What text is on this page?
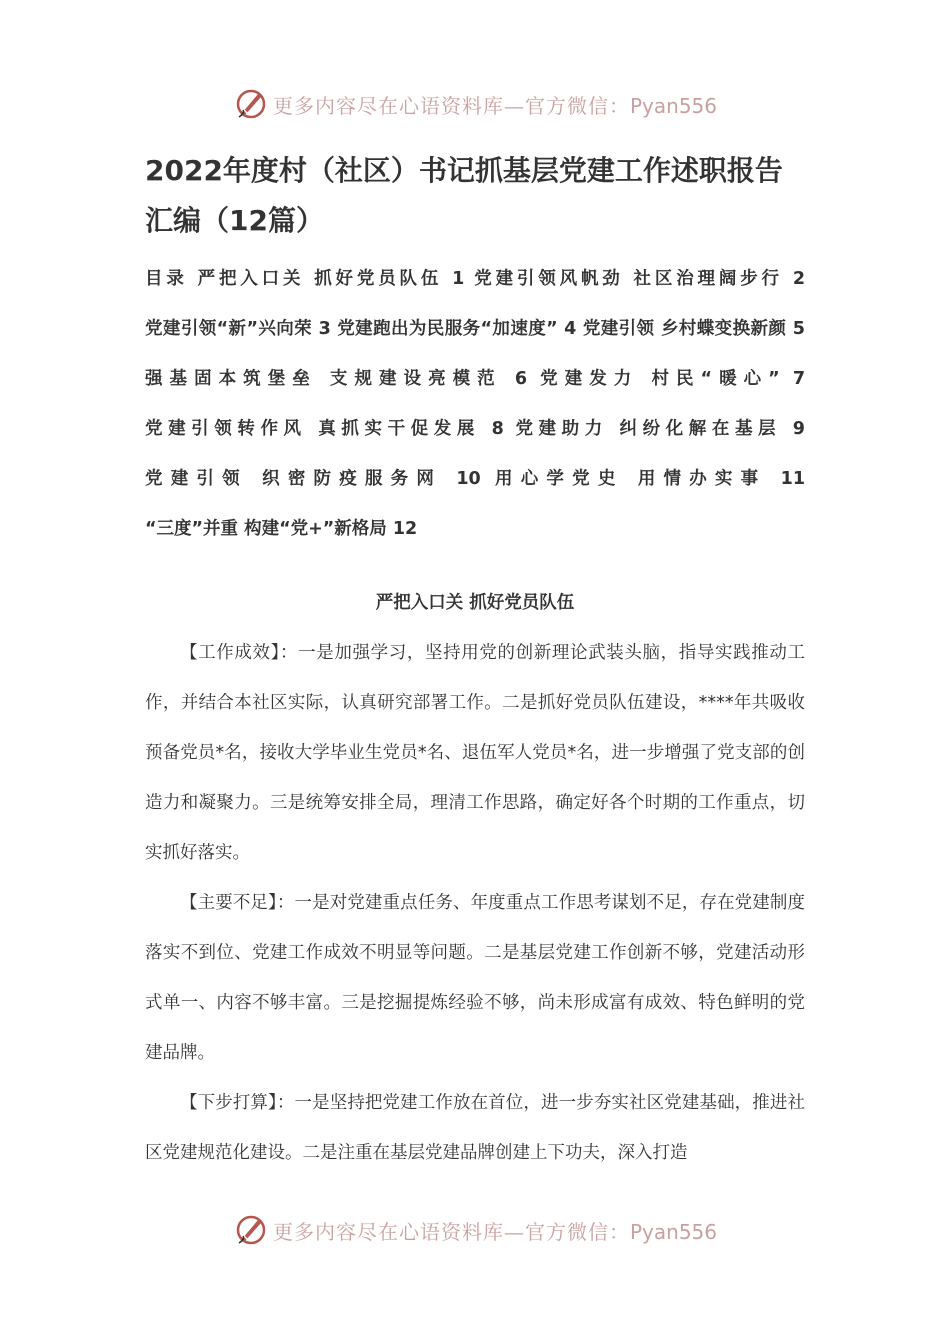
更多内容尽在心语资料库—官方微信：Pyan556
2022年度村（社区）书记抓基层党建工作述职报告汇编（12篇）

目录 严把入口关 抓好党员队伍 1 党建引领风帆劲 社区治理阔步行 2 党建引领“新”兴向荣 3 党建跑出为民服务“加速度” 4 党建引领 乡村蝶变换新颜 5 强基固本筑堡垒 支规建设亮模范 6 党建发力 村民“暖心” 7 党建引领转作风 真抓实干促发展 8 党建助力 纠纷化解在基层 9 党建引领 织密防疫服务网 10 用心学党史 用情办实事 11 “三度”并重 构建“党+”新格局 12

严把入口关 抓好党员队伍

【工作成效】：一是加强学习，坚持用党的创新理论武装头脑，指导实践推动工作，并结合本社区实际，认真研究部署工作。二是抓好党员队伍建设，****年共吸收预备党员*名，接收大学毕业生党员*名、退伍军人党员*名，进一步增强了党支部的创造力和凝聚力。三是统筹安排全局，理清工作思路，确定好各个时期的工作重点，切实抓好落实。

【主要不足】：一是对党建重点任务、年度重点工作思考谋划不足，存在党建制度落实不到位、党建工作成效不明显等问题。二是基层党建工作创新不够，党建活动形式单一、内容不够丰富。三是挖掘提炼经验不够，尚未形成富有成效、特色鲜明的党建品牌。

【下步打算】：一是坚持把党建工作放在首位，进一步夯实社区党建基础，推进社区党建规范化建设。二是注重在基层党建品牌创建上下功夫，深入打造

更多内容尽在心语资料库—官方微信：Pyan556
